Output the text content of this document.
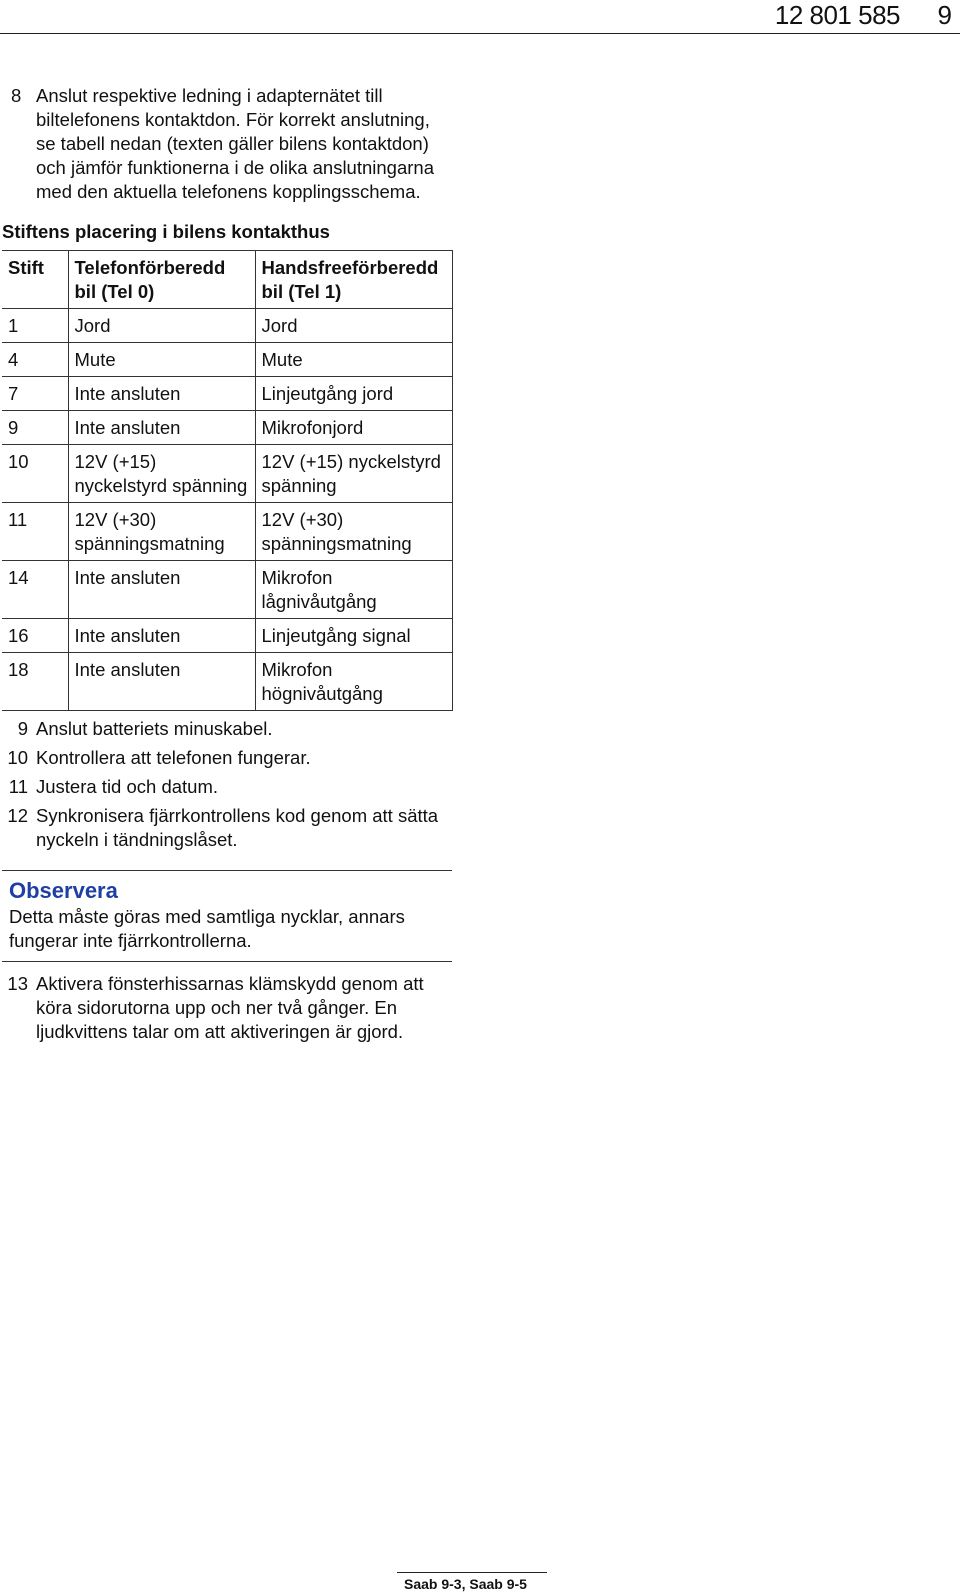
12 801 585 9
8 Anslut respektive ledning i adapternätet till biltelefonens kontaktdon. För korrekt anslutning, se tabell nedan (texten gäller bilens kontaktdon) och jämför funktionerna i de olika anslutningarna med den aktuella telefonens kopplingsschema.
Stiftens placering i bilens kontakthus
Stift	Telefonförberedd bil (Tel 0)	Handsfreeförberedd bil (Tel 1)
1	Jord	Jord
4	Mute	Mute
7	Inte ansluten	Linjeutgång jord
9	Inte ansluten	Mikrofonjord
10	12V (+15) nyckelstyrd spänning	12V (+15) nyckelstyrd spänning
11	12V (+30) spänningsmatning	12V (+30) spänningsmatning
14	Inte ansluten	Mikrofon lågnivåutgång
16	Inte ansluten	Linjeutgång signal
18	Inte ansluten	Mikrofon högnivåutgång
9 Anslut batteriets minuskabel.
10 Kontrollera att telefonen fungerar.
11 Justera tid och datum.
12 Synkronisera fjärrkontrollens kod genom att sätta nyckeln i tändningslåset.
Observera
Detta måste göras med samtliga nycklar, annars fungerar inte fjärrkontrollerna.
13 Aktivera fönsterhissarnas klämskydd genom att köra sidorutorna upp och ner två gånger. En ljudkvittens talar om att aktiveringen är gjord.
Saab 9-3, Saab 9-5
